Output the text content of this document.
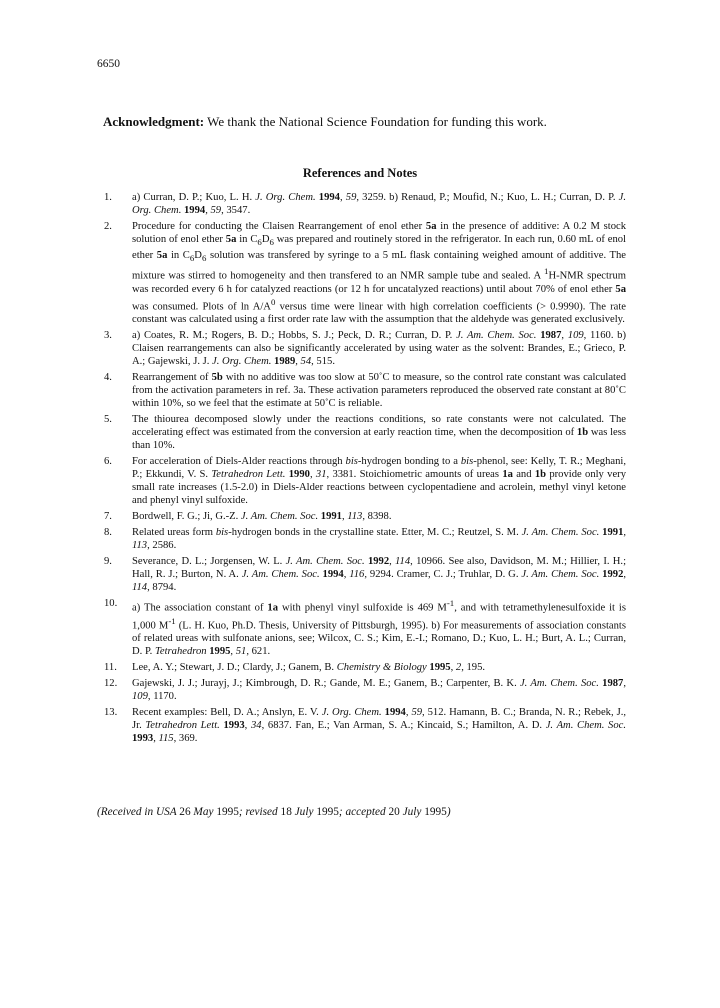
6650
Acknowledgment: We thank the National Science Foundation for funding this work.
References and Notes
1.	a) Curran, D. P.; Kuo, L. H. J. Org. Chem. 1994, 59, 3259. b) Renaud, P.; Moufid, N.; Kuo, L. H.; Curran, D. P. J. Org. Chem. 1994, 59, 3547.
2.	Procedure for conducting the Claisen Rearrangement of enol ether 5a in the presence of additive: A 0.2 M stock solution of enol ether 5a in $C_6D_6$ was prepared and routinely stored in the refrigerator. In each run, 0.60 mL of enol ether 5a in $C_6D_6$ solution was transfered by syringe to a 5 mL flask containing weighed amount of additive. The mixture was stirred to homogeneity and then transfered to an NMR sample tube and sealed. A $^1$H-NMR spectrum was recorded every 6 h for catalyzed reactions (or 12 h for uncatalyzed reactions) until about 70% of enol ether 5a was consumed. Plots of $\ln A/A^0$ versus time were linear with high correlation coefficients (> 0.9990). The rate constant was calculated using a first order rate law with the assumption that the aldehyde was generated exclusively.
3.	a) Coates, R. M.; Rogers, B. D.; Hobbs, S. J.; Peck, D. R.; Curran, D. P. J. Am. Chem. Soc. 1987, 109, 1160. b) Claisen rearrangements can also be significantly accelerated by using water as the solvent: Brandes, E.; Grieco, P. A.; Gajewski, J. J. J. Org. Chem. 1989, 54, 515.
4.	Rearrangement of 5b with no additive was too slow at 50˚C to measure, so the control rate constant was calculated from the activation parameters in ref. 3a. These activation parameters reproduced the observed rate constant at 80˚C within 10%, so we feel that the estimate at 50˚C is reliable.
5.	The thiourea decomposed slowly under the reactions conditions, so rate constants were not calculated. The accelerating effect was estimated from the conversion at early reaction time, when the decomposition of 1b was less than 10%.
6.	For acceleration of Diels-Alder reactions through bis-hydrogen bonding to a bis-phenol, see: Kelly, T. R.; Meghani, P.; Ekkundi, V. S. Tetrahedron Lett. 1990, 31, 3381. Stoichiometric amounts of ureas 1a and 1b provide only very small rate increases (1.5-2.0) in Diels-Alder reactions between cyclopentadiene and acrolein, methyl vinyl ketone and phenyl vinyl sulfoxide.
7.	Bordwell, F. G.; Ji, G.-Z. J. Am. Chem. Soc. 1991, 113, 8398.
8.	Related ureas form bis-hydrogen bonds in the crystalline state. Etter, M. C.; Reutzel, S. M. J. Am. Chem. Soc. 1991, 113, 2586.
9.	Severance, D. L.; Jorgensen, W. L. J. Am. Chem. Soc. 1992, 114, 10966. See also, Davidson, M. M.; Hillier, I. H.; Hall, R. J.; Burton, N. A. J. Am. Chem. Soc. 1994, 116, 9294. Cramer, C. J.; Truhlar, D. G. J. Am. Chem. Soc. 1992, 114, 8794.
10.	a) The association constant of 1a with phenyl vinyl sulfoxide is 469 $M^{-1}$, and with tetramethylenesulfoxide it is 1,000 $M^{-1}$ (L. H. Kuo, Ph.D. Thesis, University of Pittsburgh, 1995). b) For measurements of association constants of related ureas with sulfonate anions, see; Wilcox, C. S.; Kim, E.-I.; Romano, D.; Kuo, L. H.; Burt, A. L.; Curran, D. P. Tetrahedron 1995, 51, 621.
11.	Lee, A. Y.; Stewart, J. D.; Clardy, J.; Ganem, B. Chemistry & Biology 1995, 2, 195.
12.	Gajewski, J. J.; Jurayj, J.; Kimbrough, D. R.; Gande, M. E.; Ganem, B.; Carpenter, B. K. J. Am. Chem. Soc. 1987, 109, 1170.
13.	Recent examples: Bell, D. A.; Anslyn, E. V. J. Org. Chem. 1994, 59, 512. Hamann, B. C.; Branda, N. R.; Rebek, J., Jr. Tetrahedron Lett. 1993, 34, 6837. Fan, E.; Van Arman, S. A.; Kincaid, S.; Hamilton, A. D. J. Am. Chem. Soc. 1993, 115, 369.
(Received in USA 26 May 1995; revised 18 July 1995; accepted 20 July 1995)
